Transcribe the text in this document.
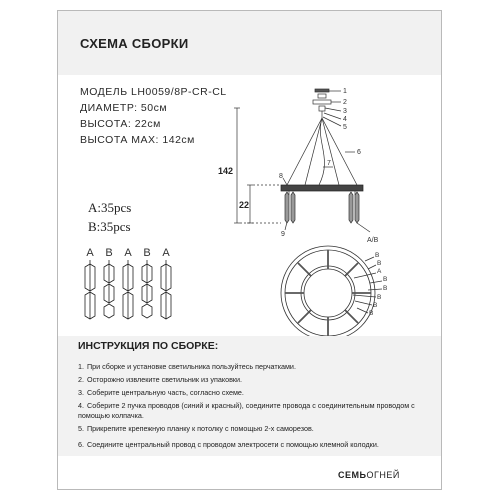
СХЕМА СБОРКИ
МОДЕЛЬ LH0059/8P-CR-CL
ДИАМЕТР: 50см
ВЫСОТА: 22см
ВЫСОТА MAX: 142см
A:35pcs
B:35pcs
A B A B A
1
2
3
4
5
6
7
8
9
A/B
142
22
B
B
A
B
B
B
B
B
ИНСТРУКЦИЯ ПО СБОРКЕ:
1. При сборке и установке светильника пользуйтесь перчатками.
2. Осторожно извлеките светильник из упаковки.
3. Соберите центральную часть, согласно схеме.
4. Соберите 2 пучка проводов (синий и красный), соедините провода с соединительным проводом с помощью колпачка.
5. Прикрепите крепежную планку к потолку с помощью 2-х саморезов.
6. Соедините центральный провод с проводом электросети с помощью клемной колодки.
СЕМЬОГНЕЙ
